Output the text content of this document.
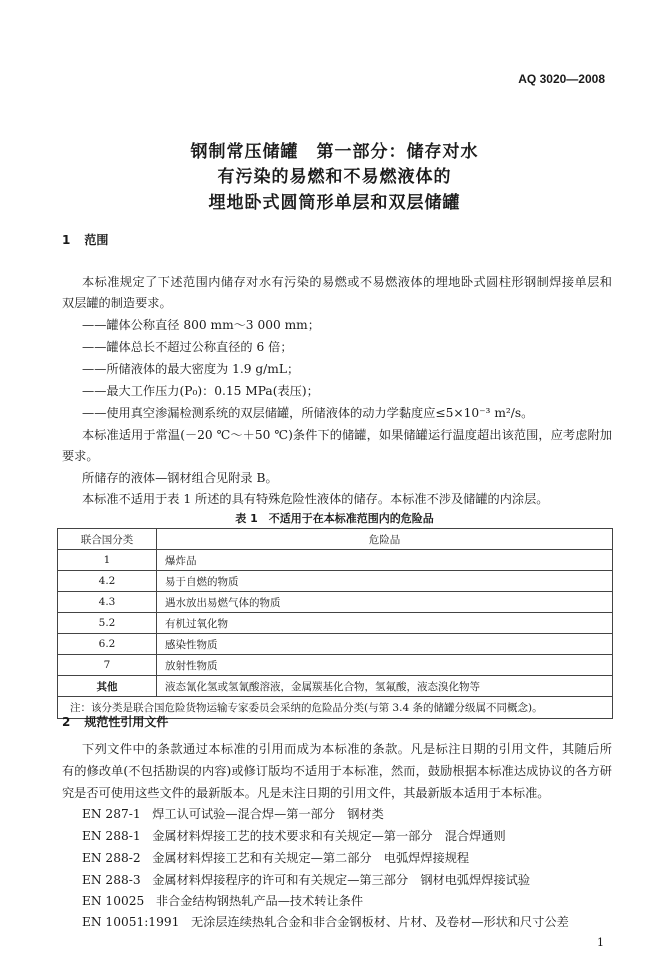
AQ 3020—2008
钢制常压储罐　第一部分：储存对水
有污染的易燃和不易燃液体的
埋地卧式圆筒形单层和双层储罐
1 范围
本标准规定了下述范围内储存对水有污染的易燃或不易燃液体的埋地卧式圆柱形钢制焊接单层和
双层罐的制造要求。
——罐体公称直径 800 mm～3 000 mm；
——罐体总长不超过公称直径的 6 倍；
——所储液体的最大密度为 1.9 g/mL；
——最大工作压力(P₀)：0.15 MPa(表压)；
——使用真空渗漏检测系统的双层储罐，所储液体的动力学黏度应≤5×10⁻³ m²/s。
本标准适用于常温(－20 ℃～＋50 ℃)条件下的储罐，如果储罐运行温度超出该范围，应考虑附加
要求。
所储存的液体—钢材组合见附录 B。
本标准不适用于表 1 所述的具有特殊危险性液体的储存。本标准不涉及储罐的内涂层。
表 1　不适用于在本标准范围内的危险品
联合国分类	危险品
1	爆炸品
4.2	易于自燃的物质
4.3	遇水放出易燃气体的物质
5.2	有机过氧化物
6.2	感染性物质
7	放射性物质
其他	液态氰化氢或氢氰酸溶液，金属羰基化合物，氢氟酸，液态溴化物等
注：该分类是联合国危险货物运输专家委员会采纳的危险品分类(与第 3.4 条的储罐分级属不同概念)。	
2 规范性引用文件
下列文件中的条款通过本标准的引用而成为本标准的条款。凡是标注日期的引用文件，其随后所
有的修改单(不包括勘误的内容)或修订版均不适用于本标准，然而，鼓励根据本标准达成协议的各方研
究是否可使用这些文件的最新版本。凡是未注日期的引用文件，其最新版本适用于本标准。
EN 287-1 焊工认可试验—混合焊—第一部分　钢材类
EN 288-1 金属材料焊接工艺的技术要求和有关规定—第一部分　混合焊通则
EN 288-2 金属材料焊接工艺和有关规定—第二部分　电弧焊焊接规程
EN 288-3 金属材料焊接程序的许可和有关规定—第三部分　钢材电弧焊焊接试验
EN 10025 非合金结构钢热轧产品—技术转让条件
EN 10051:1991 无涂层连续热轧合金和非合金钢板材、片材、及卷材—形状和尺寸公差
1
